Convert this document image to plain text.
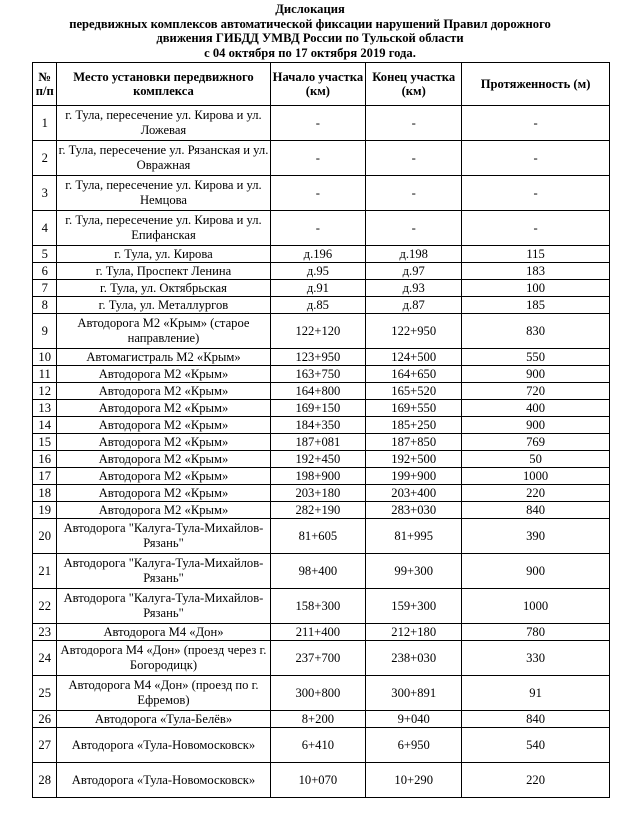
Дислокация
передвижных комплексов автоматической фиксации нарушений Правил дорожного
движения ГИБДД УМВД России по Тульской области
с 04 октября по 17 октября 2019 года.
№ п/п	Место установки передвижного комплекса	Начало участка (км)	Конец участка (км)	Протяженность (м)
1	г. Тула, пересечение ул. Кирова и ул. Ложевая	-	-	-
2	г. Тула, пересечение ул. Рязанская и ул. Овражная	-	-	-
3	г. Тула, пересечение ул. Кирова и ул. Немцова	-	-	-
4	г. Тула, пересечение ул. Кирова и ул. Епифанская	-	-	-
5	г. Тула, ул. Кирова	д.196	д.198	115
6	г. Тула, Проспект Ленина	д.95	д.97	183
7	г. Тула, ул. Октябрьская	д.91	д.93	100
8	г. Тула, ул. Металлургов	д.85	д.87	185
9	Автодорога М2 «Крым» (старое направление)	122+120	122+950	830
10	Автомагистраль М2 «Крым»	123+950	124+500	550
11	Автодорога М2 «Крым»	163+750	164+650	900
12	Автодорога М2 «Крым»	164+800	165+520	720
13	Автодорога М2 «Крым»	169+150	169+550	400
14	Автодорога М2 «Крым»	184+350	185+250	900
15	Автодорога М2 «Крым»	187+081	187+850	769
16	Автодорога М2 «Крым»	192+450	192+500	50
17	Автодорога М2 «Крым»	198+900	199+900	1000
18	Автодорога М2 «Крым»	203+180	203+400	220
19	Автодорога М2 «Крым»	282+190	283+030	840
20	Автодорога "Калуга-Тула-Михайлов-Рязань"	81+605	81+995	390
21	Автодорога "Калуга-Тула-Михайлов-Рязань"	98+400	99+300	900
22	Автодорога "Калуга-Тула-Михайлов-Рязань"	158+300	159+300	1000
23	Автодорога М4 «Дон»	211+400	212+180	780
24	Автодорога М4 «Дон» (проезд через г. Богородицк)	237+700	238+030	330
25	Автодорога М4 «Дон» (проезд по г. Ефремов)	300+800	300+891	91
26	Автодорога «Тула-Белёв»	8+200	9+040	840
27	Автодорога «Тула-Новомосковск»	6+410	6+950	540
28	Автодорога «Тула-Новомосковск»	10+070	10+290	220
